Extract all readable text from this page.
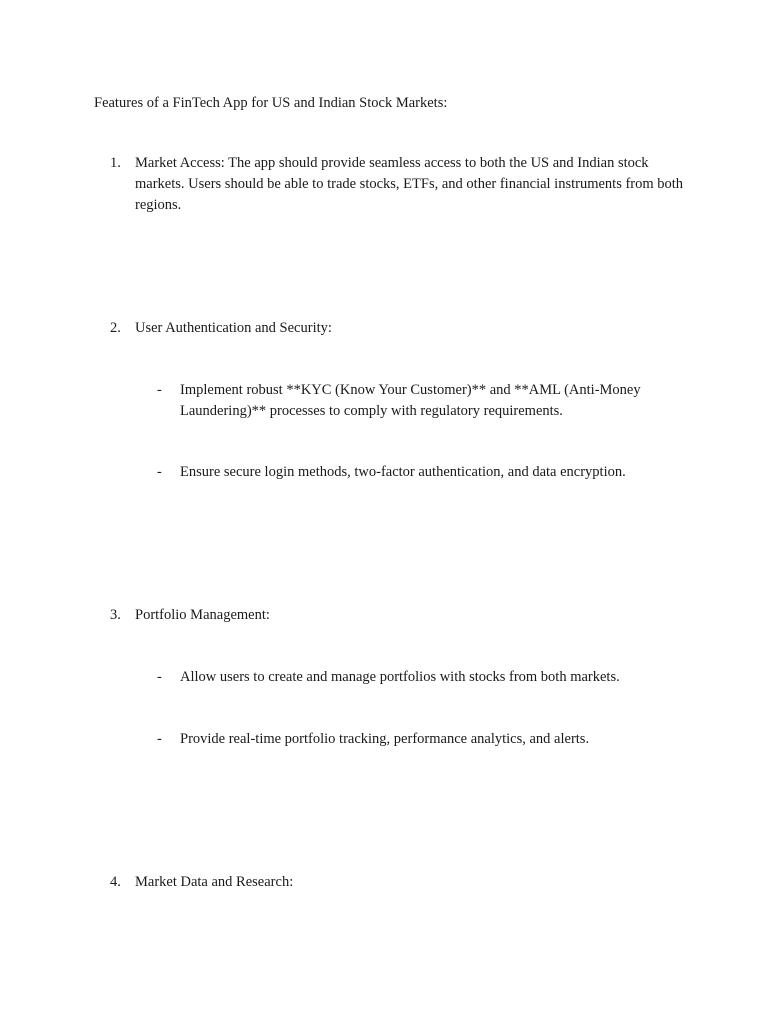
Features of a FinTech App for US and Indian Stock Markets:

1. Market Access: The app should provide seamless access to both the US and Indian stock markets. Users should be able to trade stocks, ETFs, and other financial instruments from both regions.
2. User Authentication and Security:
-	Implement robust **KYC (Know Your Customer)** and **AML (Anti-Money Laundering)** processes to comply with regulatory requirements.
-	Ensure secure login methods, two-factor authentication, and data encryption.
3. Portfolio Management:
-	Allow users to create and manage portfolios with stocks from both markets.
-	Provide real-time portfolio tracking, performance analytics, and alerts.
4. Market Data and Research:
